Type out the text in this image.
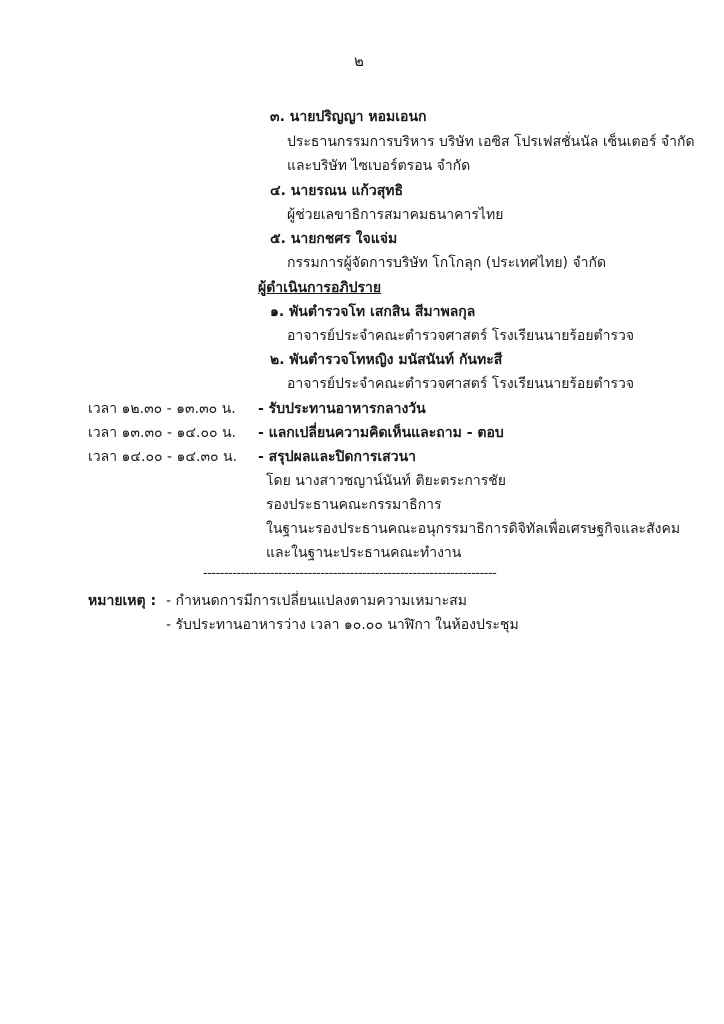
๒
๓. นายปริญญา หอมเอนก
ประธานกรรมการบริหาร บริษัท เอซิส โปรเฟสชั่นนัล เซ็นเตอร์ จำกัด
และบริษัท ไซเบอร์ตรอน จำกัด
๔. นายรณน แก้วสุทธิ
ผู้ช่วยเลขาธิการสมาคมธนาคารไทย
๕. นายกชศร ใจแจ่ม
กรรมการผู้จัดการบริษัท โกโกลุก (ประเทศไทย) จำกัด
ผู้ดำเนินการอภิปราย
๑. พันตำรวจโท เสกสิน สีมาพลกุล
อาจารย์ประจำคณะตำรวจศาสตร์ โรงเรียนนายร้อยตำรวจ
๒. พันตำรวจโทหญิง มนัสนันท์ กันทะสี
อาจารย์ประจำคณะตำรวจศาสตร์ โรงเรียนนายร้อยตำรวจ
เวลา ๑๒.๓๐ - ๑๓.๓๐ น. - รับประทานอาหารกลางวัน
เวลา ๑๓.๓๐ - ๑๔.๐๐ น. - แลกเปลี่ยนความคิดเห็นและถาม - ตอบ
เวลา ๑๔.๐๐ - ๑๔.๓๐ น. - สรุปผลและปิดการเสวนา
โดย นางสาวชญาน์นันท์ ติยะตระการชัย
รองประธานคณะกรรมาธิการ
ในฐานะรองประธานคณะอนุกรรมาธิการดิจิทัลเพื่อเศรษฐกิจและสังคม
และในฐานะประธานคณะทำงาน
----------------------------------------------------------------------
หมายเหตุ : - กำหนดการมีการเปลี่ยนแปลงตามความเหมาะสม
- รับประทานอาหารว่าง เวลา ๑๐.๐๐ นาฬิกา ในห้องประชุม
